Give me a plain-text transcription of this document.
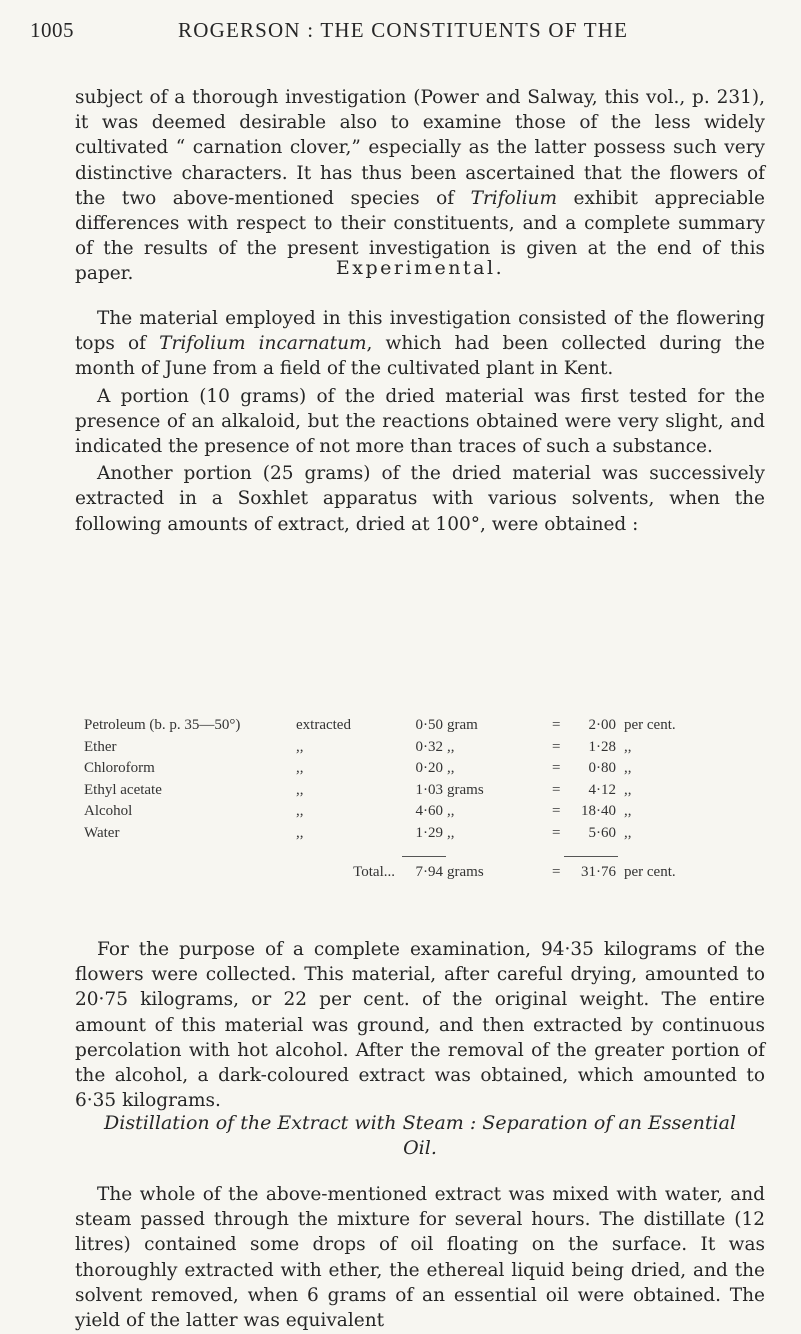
1005	ROGERSON : THE CONSTITUENTS OF THE

subject of a thorough investigation (Power and Salway, this vol., p. 231), it was deemed desirable also to examine those of the less widely cultivated “ carnation clover,” especially as the latter possess such very distinctive characters. It has thus been ascertained that the flowers of the two above-mentioned species of Trifolium exhibit appreciable differences with respect to their constituents, and a complete summary of the results of the present investigation is given at the end of this paper.	Experimental.

The material employed in this investigation consisted of the flowering tops of Trifolium incarnatum, which had been collected during the month of June from a field of the cultivated plant in Kent.

A portion (10 grams) of the dried material was first tested for the presence of an alkaloid, but the reactions obtained were very slight, and indicated the presence of not more than traces of such a substance.

Another portion (25 grams) of the dried material was successively extracted in a Soxhlet apparatus with various solvents, when the following amounts of extract, dried at 100°, were obtained :

Petroleum (b. p. 35—50°)	extracted	0·50 gram	=	2·00 per cent.
Ether	,,	0·32 ,,	=	1·28 ,,
Chloroform	,,	0·20 ,,	=	0·80 ,,
Ethyl acetate	,,	1·03 grams	=	4·12 ,,
Alcohol	,,	4·60 ,,	=	18·40 ,,
Water	,,	1·29 ,,	=	5·60 ,,
Total...	7·94 grams	=	31·76 per cent.

For the purpose of a complete examination, 94·35 kilograms of the flowers were collected. This material, after careful drying, amounted to 20·75 kilograms, or 22 per cent. of the original weight. The entire amount of this material was ground, and then extracted by continuous percolation with hot alcohol. After the removal of the greater portion of the alcohol, a dark-coloured extract was obtained, which amounted to 6·35 kilograms.

Distillation of the Extract with Steam : Separation of an Essential
Oil.

The whole of the above-mentioned extract was mixed with water, and steam passed through the mixture for several hours. The distillate (12 litres) contained some drops of oil floating on the surface. It was thoroughly extracted with ether, the ethereal liquid being dried, and the solvent removed, when 6 grams of an essential oil were obtained. The yield of the latter was equivalent
